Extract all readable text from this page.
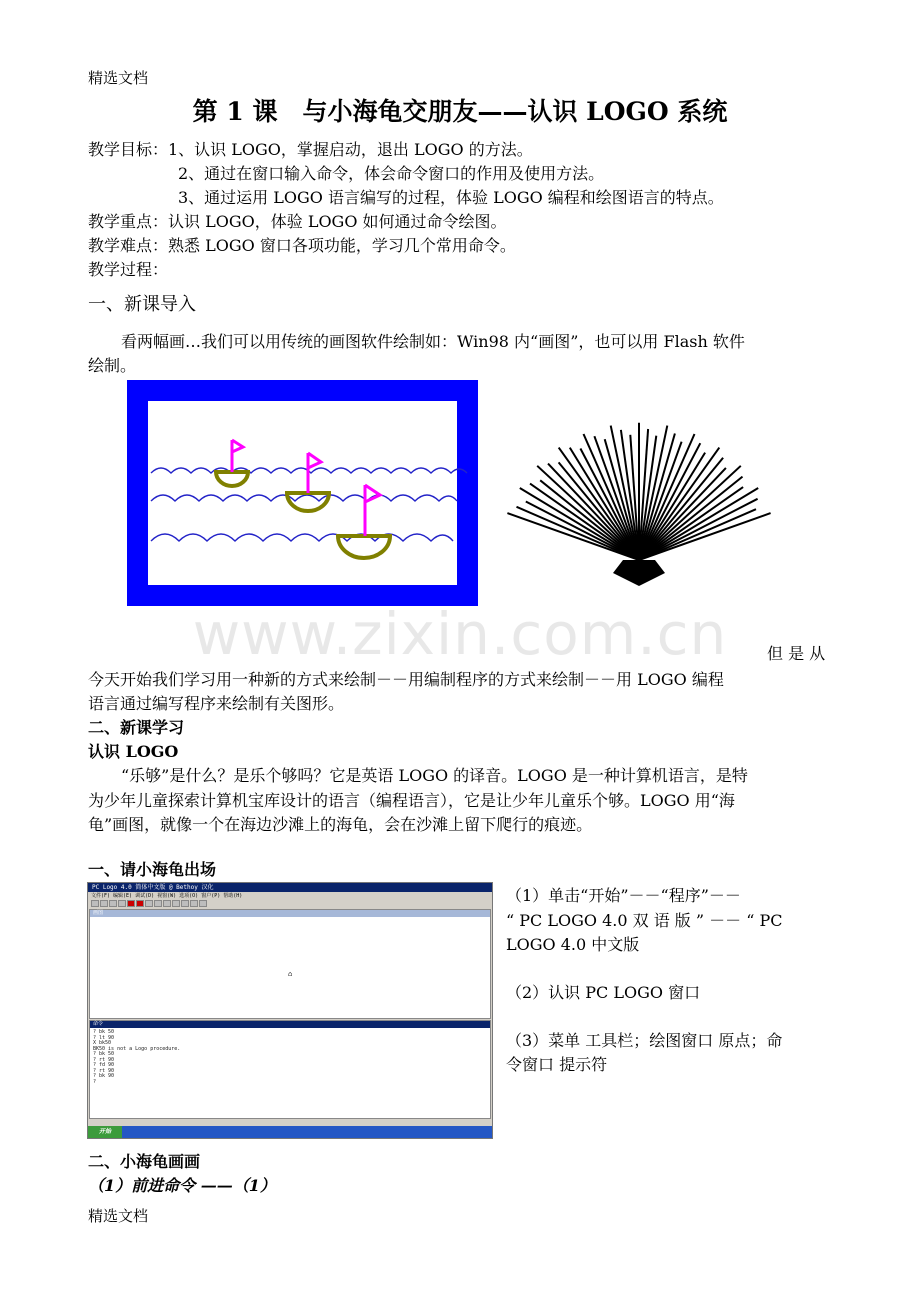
精选文档
第 1 课　与小海龟交朋友——认识 LOGO 系统
教学目标： 1、认识 LOGO，掌握启动，退出 LOGO 的方法。
2、通过在窗口输入命令，体会命令窗口的作用及使用方法。
3、通过运用 LOGO 语言编写的过程，体验 LOGO 编程和绘图语言的特点。
教学重点：认识 LOGO，体验 LOGO 如何通过命令绘图。
教学难点：熟悉 LOGO 窗口各项功能，学习几个常用命令。
教学过程：
一、新课导入
看两幅画…我们可以用传统的画图软件绘制如：Win98 内“画图”，也可以用 Flash 软件
绘制。
www.zixin.com.cn	但 是 从
今天开始我们学习用一种新的方式来绘制－－用编制程序的方式来绘制－－用 LOGO 编程
语言通过编写程序来绘制有关图形。
二、新课学习
认识 LOGO
“乐够”是什么？是乐个够吗？它是英语 LOGO 的译音。LOGO 是一种计算机语言，是特
为少年儿童探索计算机宝库设计的语言（编程语言），它是让少年儿童乐个够。LOGO 用“海
龟”画图，就像一个在海边沙滩上的海龟，会在沙滩上留下爬行的痕迹。
一、请小海龟出场
PC Logo 4.0 简体中文版 @ Bethoy 汉化
文件(F) 编辑(E) 调试(D) 视窗(W) 选项(O) 窗户(P) 帮助(H)
画图
⌂
命令
? bk 50
? lt 90
X bk50
BK50 is not a Logo procedure.
? bk 50
? rt 90
? fd 90
? rt 90
? bk 90
?
开始
（1）单击“开始”－－“程序”－－
“ PC LOGO 4.0 双 语 版 ” －－ “ PC
LOGO 4.0 中文版
（2）认识 PC LOGO 窗口
（3）菜单 工具栏；绘图窗口 原点；命
令窗口 提示符
二、小海龟画画
（1）前进命令 ——（1）
精选文档
